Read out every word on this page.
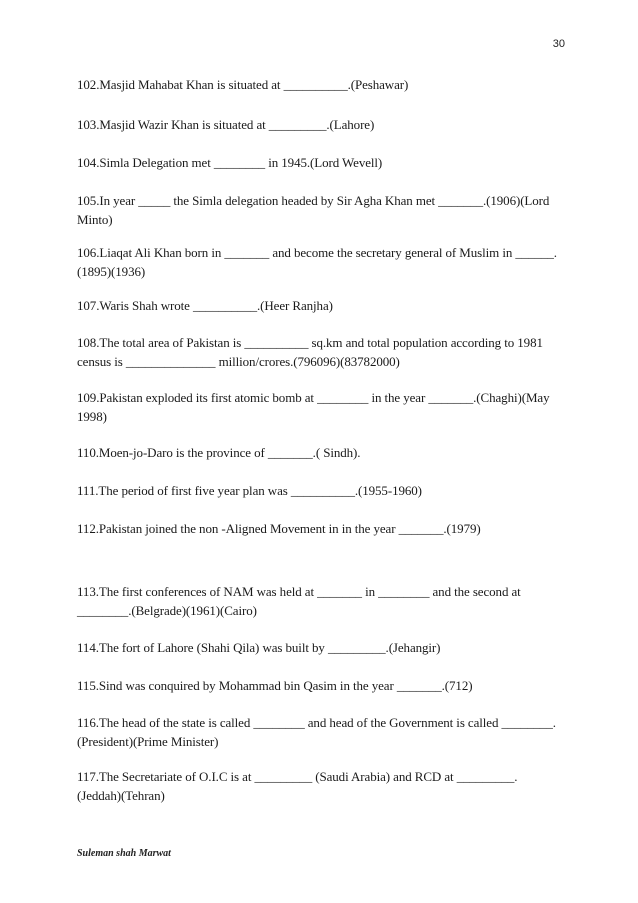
30
102.Masjid Mahabat Khan is situated at __________.(Peshawar)
103.Masjid Wazir Khan is situated at _________.(Lahore)
104.Simla Delegation met ________ in 1945.(Lord Wevell)
105.In year _____ the Simla delegation headed by Sir Agha Khan met _______.(1906)(Lord Minto)
106.Liaqat Ali Khan born in _______ and become the secretary general of Muslim in ______.(1895)(1936)
107.Waris Shah wrote __________.(Heer Ranjha)
108.The total area of Pakistan is __________ sq.km and total population according to 1981 census is ______________ million/crores.(796096)(83782000)
109.Pakistan exploded its first atomic bomb at ________ in the year _______.(Chaghi)(May 1998)
110.Moen-jo-Daro is the province of _______.( Sindh).
111.The period of first five year plan was __________.(1955-1960)
112.Pakistan joined the non -Aligned Movement in in the year _______.(1979)
113.The first conferences of NAM was held at _______ in ________ and the second at ________.(Belgrade)(1961)(Cairo)
114.The fort of Lahore (Shahi Qila) was built by _________.(Jehangir)
115.Sind was conquired by Mohammad bin Qasim in the year _______.(712)
116.The head of the state is called ________ and head of the Government is called ________.(President)(Prime Minister)
117.The Secretariate of O.I.C is at _________ (Saudi Arabia) and RCD at _________.(Jeddah)(Tehran)
Suleman shah Marwat
